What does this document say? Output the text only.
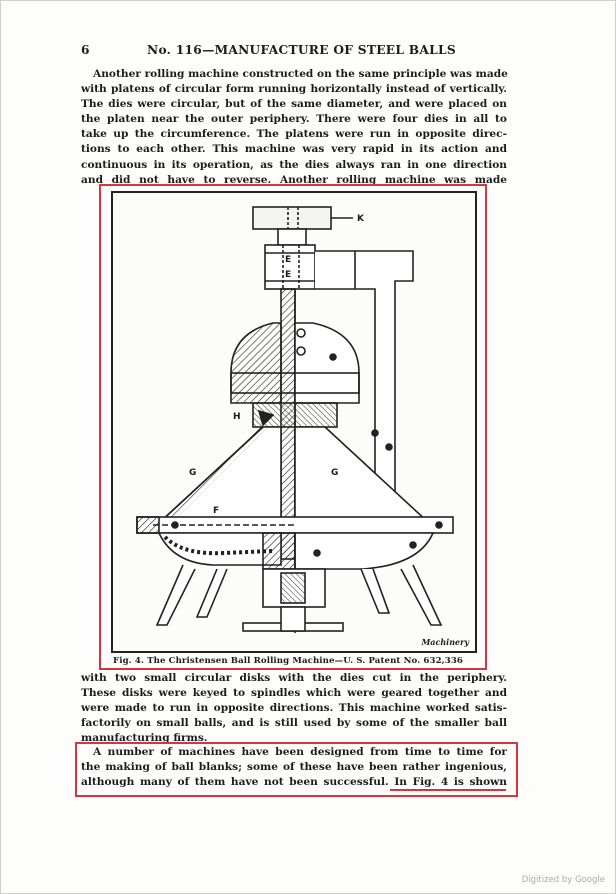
6	No. 116—MANUFACTURE OF STEEL BALLS

Another rolling machine constructed on the same principle was made
with platens of circular form running horizontally instead of vertically.
The dies were circular, but of the same diameter, and were placed on
the platen near the outer periphery. There were four dies in all to
take up the circumference. The platens were run in opposite direc-
tions to each other. This machine was very rapid in its action and
continuous in its operation, as the dies always ran in one direction
and did not have to reverse. Another rolling machine was made

K
E
E
H
G	G
F
Machinery
Fig. 4. The Christensen Ball Rolling Machine—U. S. Patent No. 632,336

with two small circular disks with the dies cut in the periphery.
These disks were keyed to spindles which were geared together and
were made to run in opposite directions. This machine worked satis-
factorily on small balls, and is still used by some of the smaller ball
manufacturing firms.

A number of machines have been designed from time to time for
the making of ball blanks; some of these have been rather ingenious,
although many of them have not been successful. In Fig. 4 is shown

Digitized by Google
